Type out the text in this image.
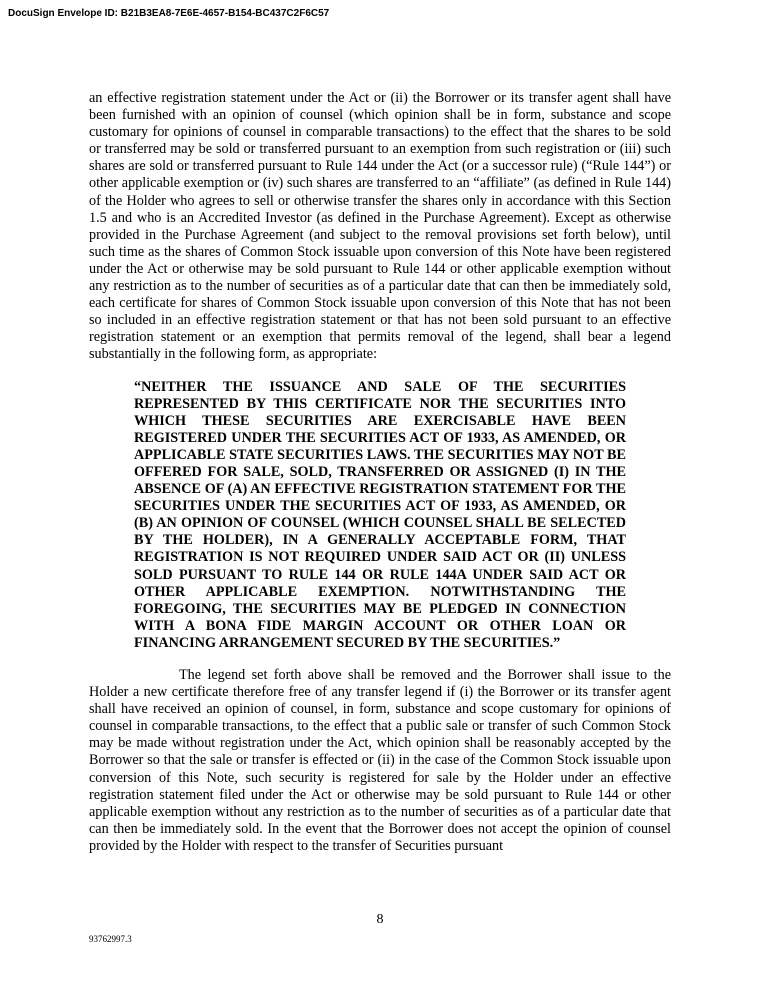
DocuSign Envelope ID: B21B3EA8-7E6E-4657-B154-BC437C2F6C57

an effective registration statement under the Act or (ii) the Borrower or its transfer agent shall have been furnished with an opinion of counsel (which opinion shall be in form, substance and scope customary for opinions of counsel in comparable transactions) to the effect that the shares to be sold or transferred may be sold or transferred pursuant to an exemption from such registration or (iii) such shares are sold or transferred pursuant to Rule 144 under the Act (or a successor rule) (“Rule 144”) or other applicable exemption or (iv) such shares are transferred to an “affiliate” (as defined in Rule 144) of the Holder who agrees to sell or otherwise transfer the shares only in accordance with this Section 1.5 and who is an Accredited Investor (as defined in the Purchase Agreement). Except as otherwise provided in the Purchase Agreement (and subject to the removal provisions set forth below), until such time as the shares of Common Stock issuable upon conversion of this Note have been registered under the Act or otherwise may be sold pursuant to Rule 144 or other applicable exemption without any restriction as to the number of securities as of a particular date that can then be immediately sold, each certificate for shares of Common Stock issuable upon conversion of this Note that has not been so included in an effective registration statement or that has not been sold pursuant to an effective registration statement or an exemption that permits removal of the legend, shall bear a legend substantially in the following form, as appropriate:

“NEITHER THE ISSUANCE AND SALE OF THE SECURITIES REPRESENTED BY THIS CERTIFICATE NOR THE SECURITIES INTO WHICH THESE SECURITIES ARE EXERCISABLE HAVE BEEN REGISTERED UNDER THE SECURITIES ACT OF 1933, AS AMENDED, OR APPLICABLE STATE SECURITIES LAWS. THE SECURITIES MAY NOT BE OFFERED FOR SALE, SOLD, TRANSFERRED OR ASSIGNED (I) IN THE ABSENCE OF (A) AN EFFECTIVE REGISTRATION STATEMENT FOR THE SECURITIES UNDER THE SECURITIES ACT OF 1933, AS AMENDED, OR (B) AN OPINION OF COUNSEL (WHICH COUNSEL SHALL BE SELECTED BY THE HOLDER), IN A GENERALLY ACCEPTABLE FORM, THAT REGISTRATION IS NOT REQUIRED UNDER SAID ACT OR (II) UNLESS SOLD PURSUANT TO RULE 144 OR RULE 144A UNDER SAID ACT OR OTHER APPLICABLE EXEMPTION. NOTWITHSTANDING THE FOREGOING, THE SECURITIES MAY BE PLEDGED IN CONNECTION WITH A BONA FIDE MARGIN ACCOUNT OR OTHER LOAN OR FINANCING ARRANGEMENT SECURED BY THE SECURITIES.”

The legend set forth above shall be removed and the Borrower shall issue to the Holder a new certificate therefore free of any transfer legend if (i) the Borrower or its transfer agent shall have received an opinion of counsel, in form, substance and scope customary for opinions of counsel in comparable transactions, to the effect that a public sale or transfer of such Common Stock may be made without registration under the Act, which opinion shall be reasonably accepted by the Borrower so that the sale or transfer is effected or (ii) in the case of the Common Stock issuable upon conversion of this Note, such security is registered for sale by the Holder under an effective registration statement filed under the Act or otherwise may be sold pursuant to Rule 144 or other applicable exemption without any restriction as to the number of securities as of a particular date that can then be immediately sold. In the event that the Borrower does not accept the opinion of counsel provided by the Holder with respect to the transfer of Securities pursuant

8
93762997.3
